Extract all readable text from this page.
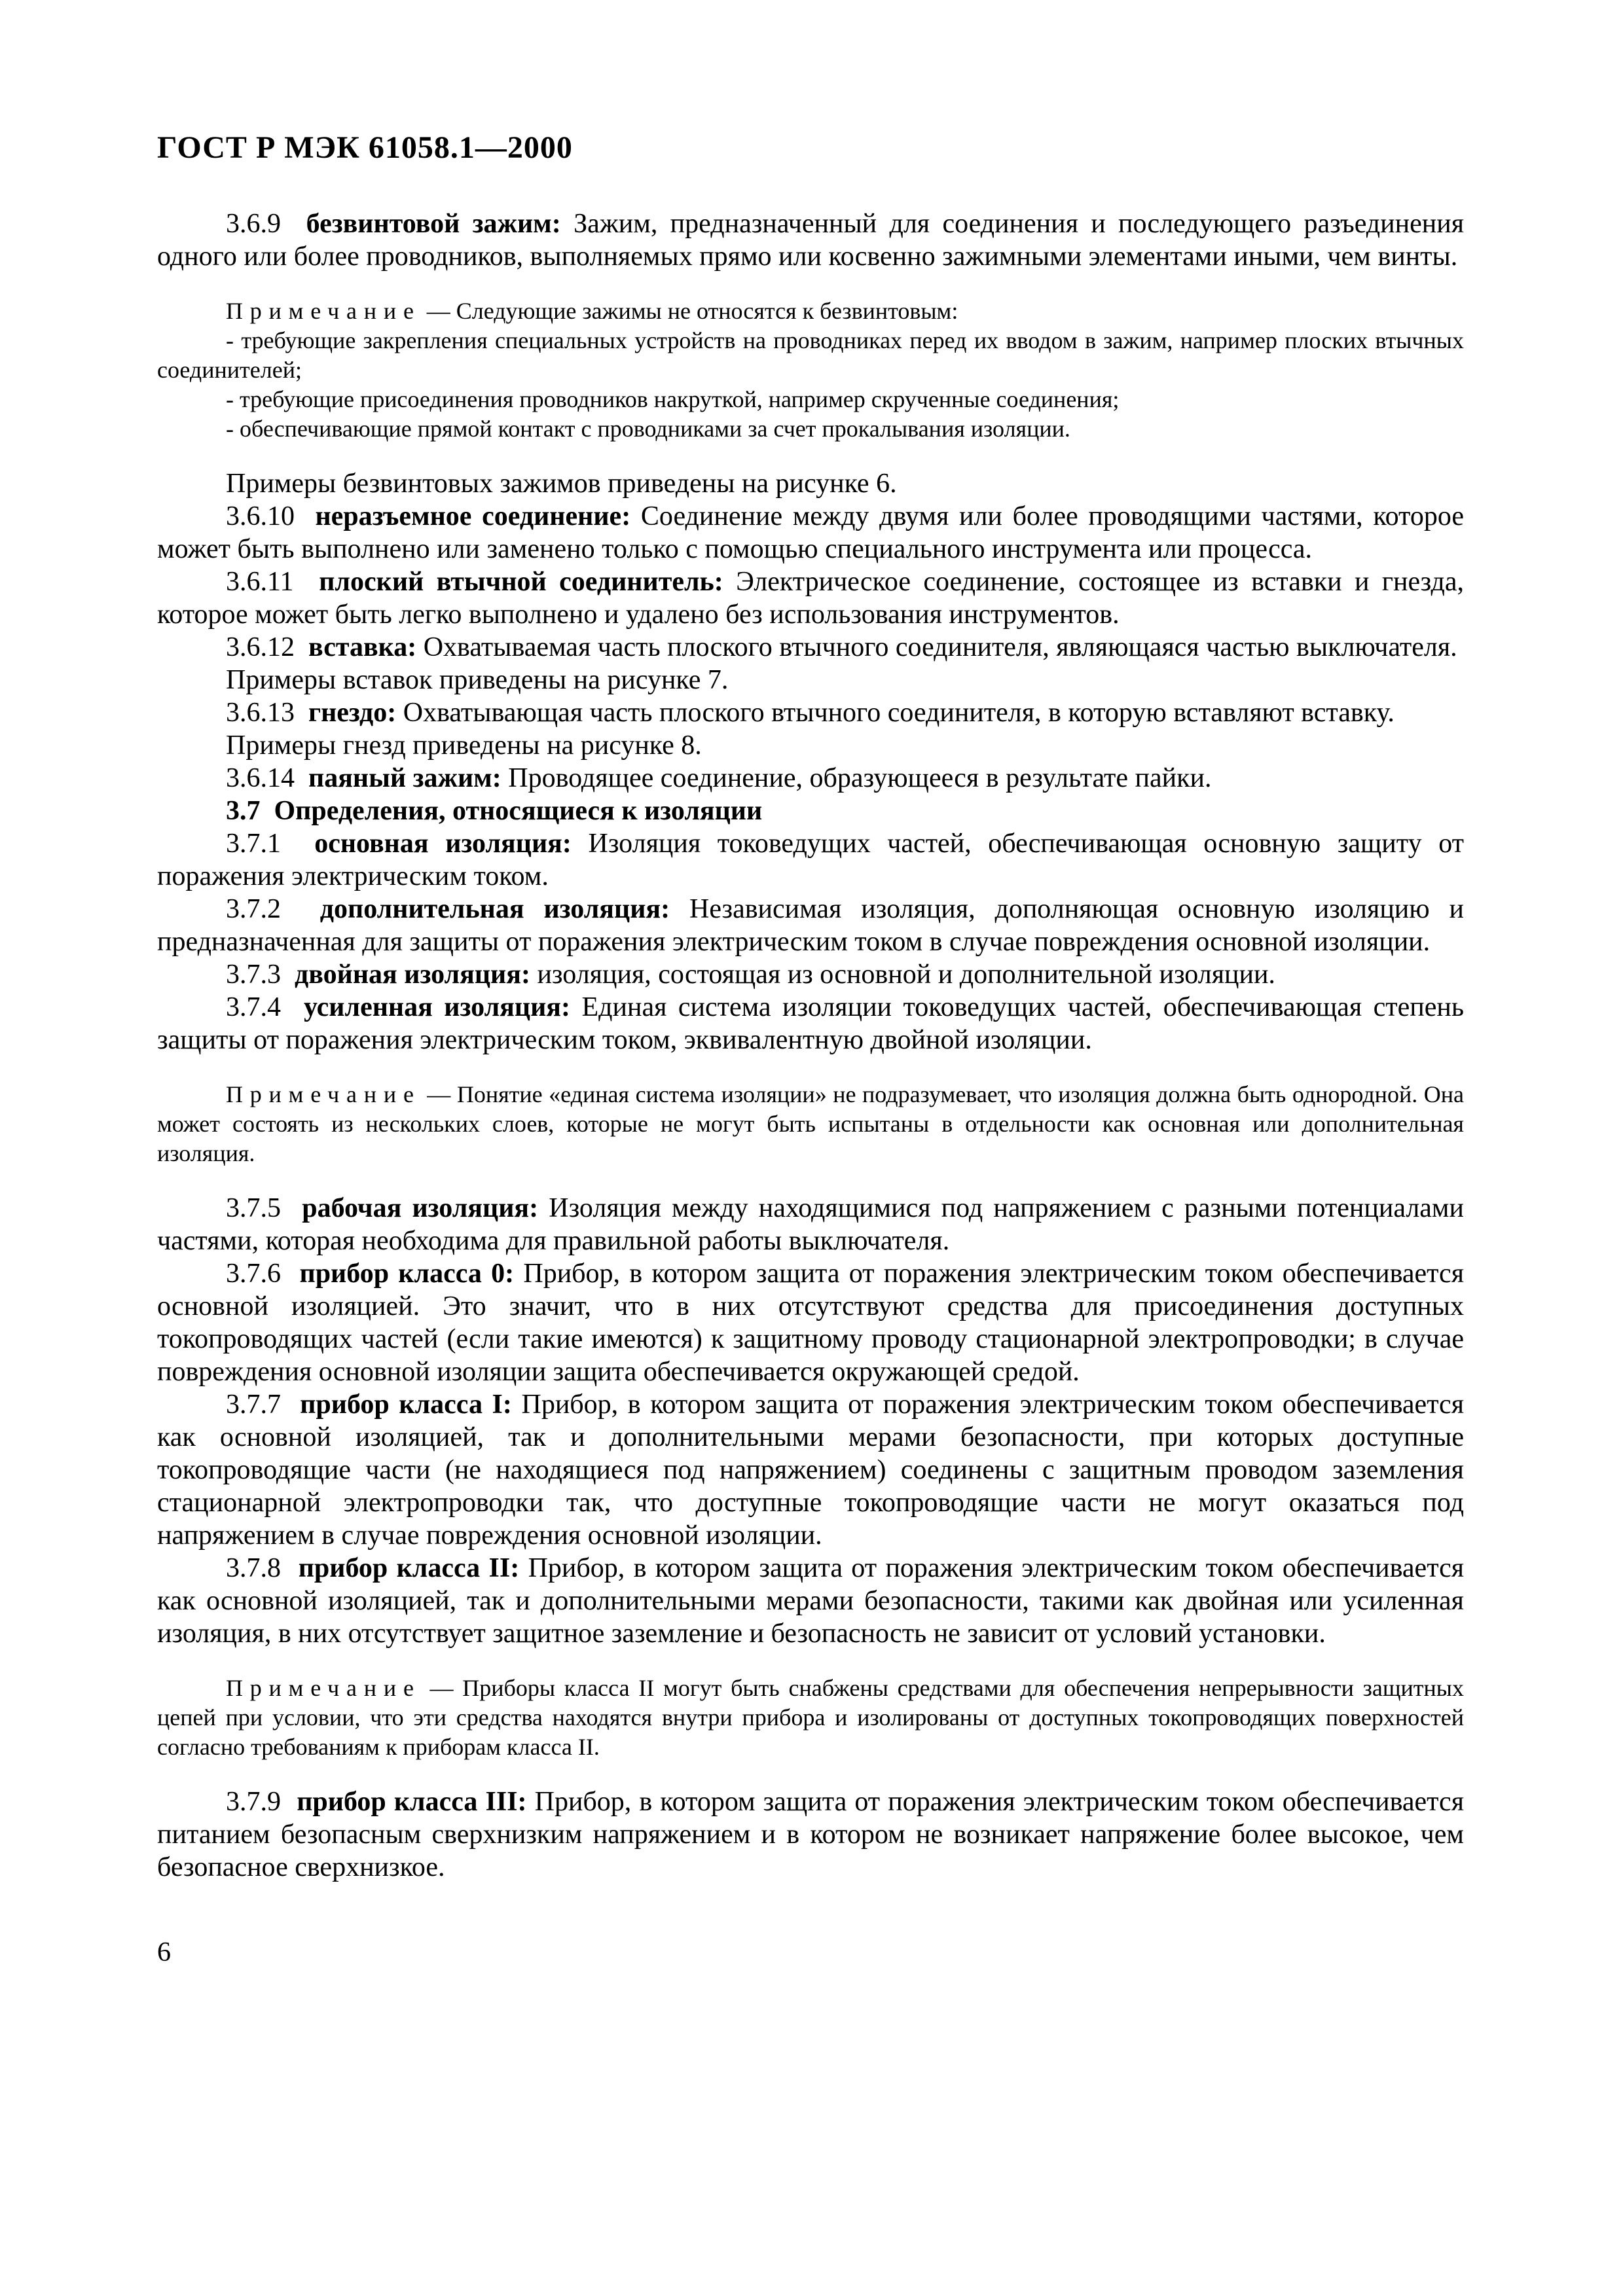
ГОСТ Р МЭК 61058.1—2000

3.6.9 безвинтовой зажим: Зажим, предназначенный для соединения и последующего разъединения одного или более проводников, выполняемых прямо или косвенно зажимными элементами иными, чем винты.

Примечание — Следующие зажимы не относятся к безвинтовым:

- требующие закрепления специальных устройств на проводниках перед их вводом в зажим, например плоских втычных соединителей;

- требующие присоединения проводников накруткой, например скрученные соединения;

- обеспечивающие прямой контакт с проводниками за счет прокалывания изоляции.

Примеры безвинтовых зажимов приведены на рисунке 6.

3.6.10 неразъемное соединение: Соединение между двумя или более проводящими частями, которое может быть выполнено или заменено только с помощью специального инструмента или процесса.

3.6.11 плоский втычной соединитель: Электрическое соединение, состоящее из вставки и гнезда, которое может быть легко выполнено и удалено без использования инструментов.

3.6.12 вставка: Охватываемая часть плоского втычного соединителя, являющаяся частью выключателя.

Примеры вставок приведены на рисунке 7.

3.6.13 гнездо: Охватывающая часть плоского втычного соединителя, в которую вставляют вставку.

Примеры гнезд приведены на рисунке 8.

3.6.14 паяный зажим: Проводящее соединение, образующееся в результате пайки.

3.7 Определения, относящиеся к изоляции

3.7.1 основная изоляция: Изоляция токоведущих частей, обеспечивающая основную защиту от поражения электрическим током.

3.7.2 дополнительная изоляция: Независимая изоляция, дополняющая основную изоляцию и предназначенная для защиты от поражения электрическим током в случае повреждения основной изоляции.

3.7.3 двойная изоляция: изоляция, состоящая из основной и дополнительной изоляции.

3.7.4 усиленная изоляция: Единая система изоляции токоведущих частей, обеспечивающая степень защиты от поражения электрическим током, эквивалентную двойной изоляции.

Примечание — Понятие «единая система изоляции» не подразумевает, что изоляция должна быть однородной. Она может состоять из нескольких слоев, которые не могут быть испытаны в отдельности как основная или дополнительная изоляция.

3.7.5 рабочая изоляция: Изоляция между находящимися под напряжением с разными потенциалами частями, которая необходима для правильной работы выключателя.

3.7.6 прибор класса 0: Прибор, в котором защита от поражения электрическим током обеспечивается основной изоляцией. Это значит, что в них отсутствуют средства для присоединения доступных токопроводящих частей (если такие имеются) к защитному проводу стационарной электропроводки; в случае повреждения основной изоляции защита обеспечивается окружающей средой.

3.7.7 прибор класса I: Прибор, в котором защита от поражения электрическим током обеспечивается как основной изоляцией, так и дополнительными мерами безопасности, при которых доступные токопроводящие части (не находящиеся под напряжением) соединены с защитным проводом заземления стационарной электропроводки так, что доступные токопроводящие части не могут оказаться под напряжением в случае повреждения основной изоляции.

3.7.8 прибор класса II: Прибор, в котором защита от поражения электрическим током обеспечивается как основной изоляцией, так и дополнительными мерами безопасности, такими как двойная или усиленная изоляция, в них отсутствует защитное заземление и безопасность не зависит от условий установки.

Примечание — Приборы класса II могут быть снабжены средствами для обеспечения непрерывности защитных цепей при условии, что эти средства находятся внутри прибора и изолированы от доступных токопроводящих поверхностей согласно требованиям к приборам класса II.

3.7.9 прибор класса III: Прибор, в котором защита от поражения электрическим током обеспечивается питанием безопасным сверхнизким напряжением и в котором не возникает напряжение более высокое, чем безопасное сверхнизкое.

6
